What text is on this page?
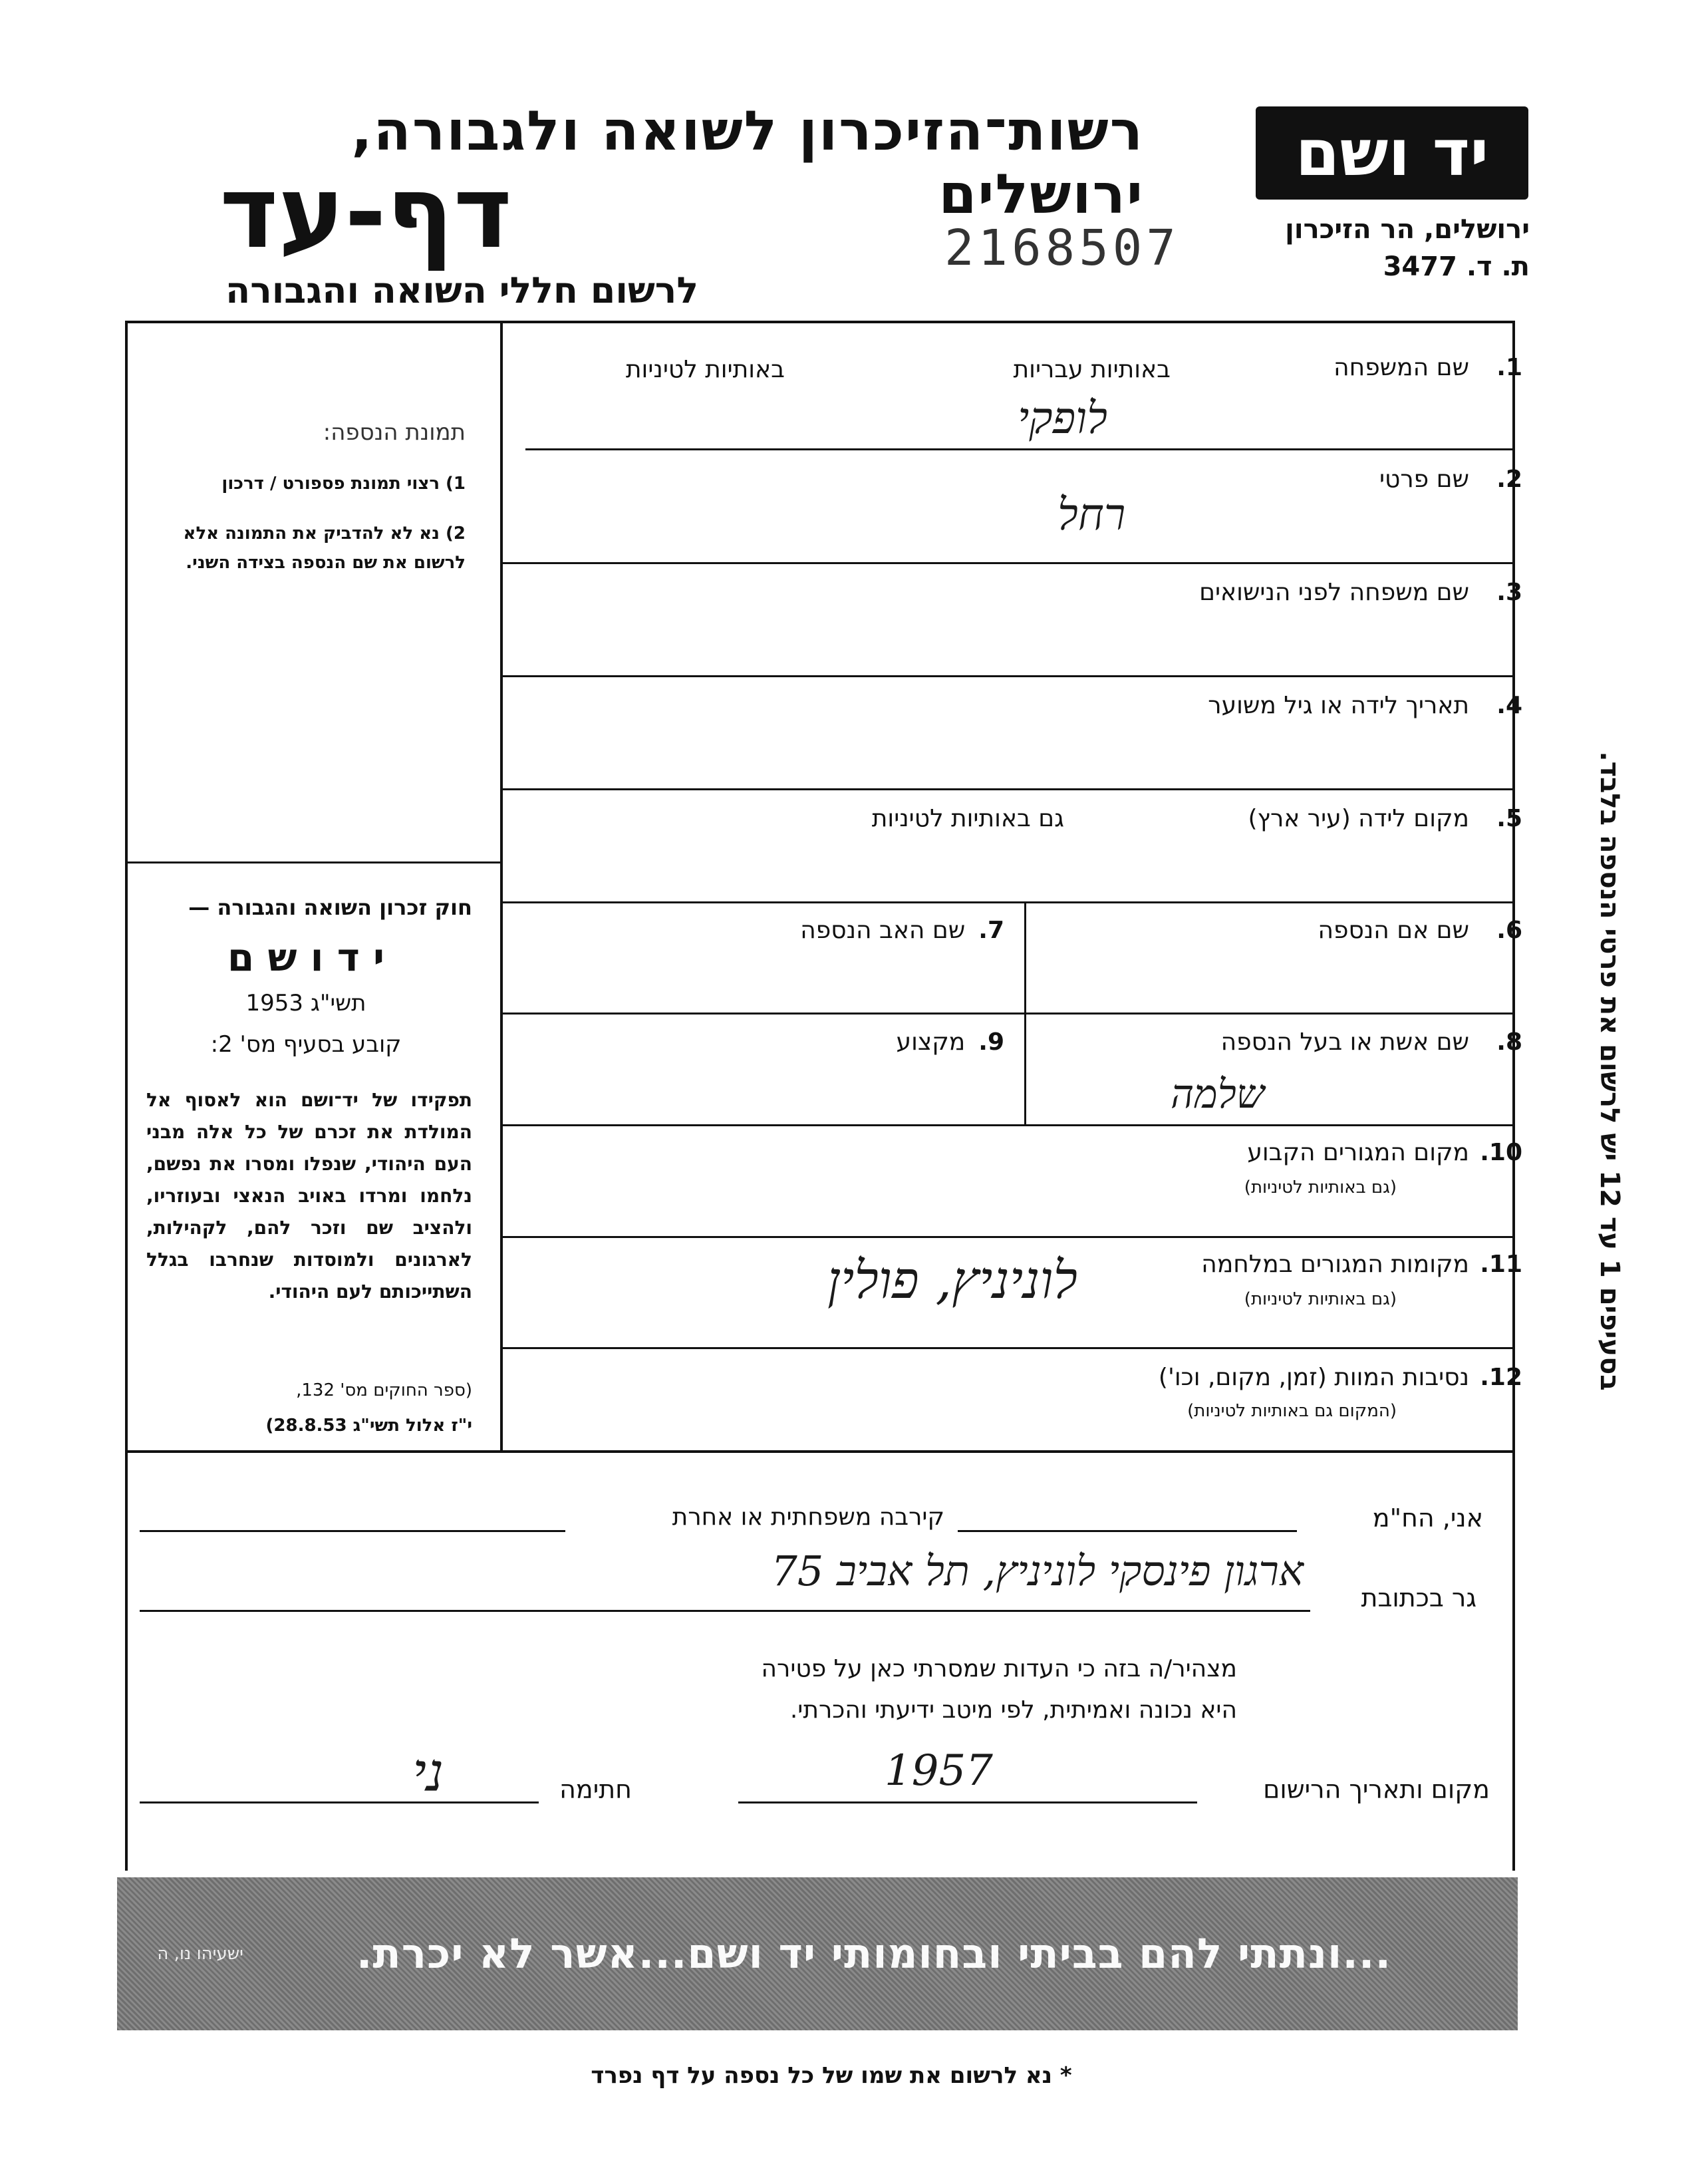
רשות־הזיכרון לשואה ולגבורה, ירושלים
דף-עד	2168507
לרשום חללי השואה והגבורה
יד ושם
ירושלים, הר הזיכרון
ת. ד. 3477
באותיות עבריות
באותיות לטיניות	1.
שם המשפחה
לופקי
2.
שם פרטי
רחל
3.
שם משפחה לפני הנישואים
4.
תאריך לידה או גיל משוער
5.
מקום לידה (עיר ארץ)
גם באותיות לטיניות
6.
שם אם הנספה
7.
שם האב הנספה
8.
שם אשת או בעל הנספה
שלמה
9.
מקצוע
10.
מקום המגורים הקבוע
(גם באותיות לטיניות)
11.
מקומות המגורים במלחמה
(גם באותיות לטיניות)
לוניניץ, פולין
12.
נסיבות המוות (זמן, מקום, וכו')
(המקום גם באותיות לטיניות)
תמונת הנספה:
1) רצוי תמונת פספורט / דרכון
2) נא לא להדביק את התמונה אלא לרשום את שם הנספה בצידה השני.
חוק זכרון השואה והגבורה —
י ד ו ש ם
תשי"ג 1953
קובע בסעיף מס' 2:
תפקידו של יד־ושם הוא לאסוף אל המולדת את זכרם של כל אלה מבני העם היהודי, שנפלו ומסרו את נפשם, נלחמו ומרדו באויב הנאצי ובעוזריו, ולהציב שם וזכר להם, לקהילות, לארגונים ולמוסדות שנחרבו בגלל השתייכותם לעם היהודי.
(ספר החוקים מס' 132,
י"ז אלול תשי"ג 28.8.53)
בסעיפים 1 עד 12 יש לרשום את פרטי הנספה בלבד.
אני, הח"מ
קירבה משפחתית או אחרת
גר בכתובת
ארגון פינסקי לוניניץ, תל אביב 75
מצהיר/ה בזה כי העדות שמסרתי כאן על פטירה
היא נכונה ואמיתית, לפי מיטב ידיעתי והכרתי.
מקום ותאריך הרישום
1957
חתימה
ני
...ונתתי להם בביתי ובחומותי יד ושם...אשר לא יכרת.
ישעיהו נו, ה
* נא לרשום את שמו של כל נספה על דף נפרד
